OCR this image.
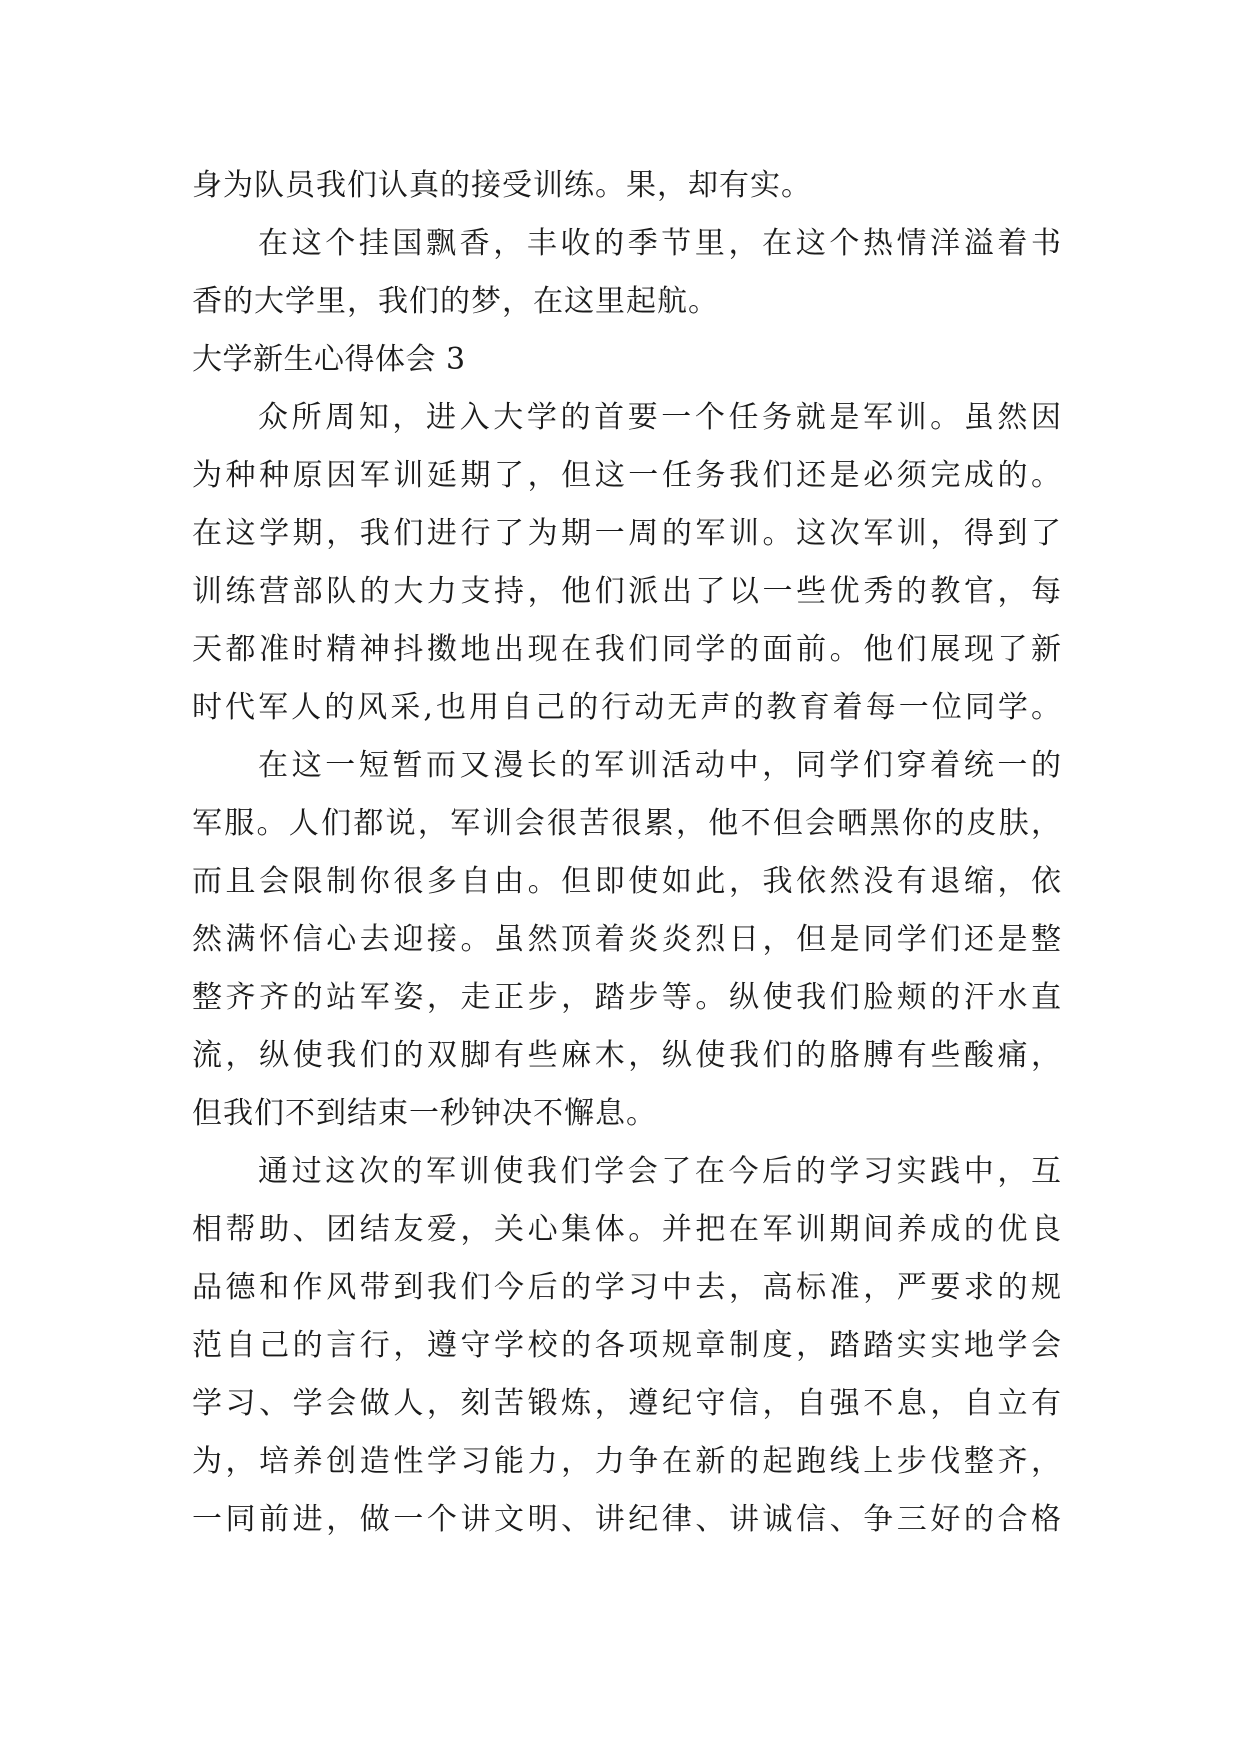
身为队员我们认真的接受训练。果，却有实。
在这个挂国飘香，丰收的季节里，在这个热情洋溢着书
香的大学里，我们的梦，在这里起航。
大学新生心得体会 3
众所周知，进入大学的首要一个任务就是军训。虽然因
为种种原因军训延期了，但这一任务我们还是必须完成的。
在这学期，我们进行了为期一周的军训。这次军训，得到了
训练营部队的大力支持，他们派出了以一些优秀的教官，每
天都准时精神抖擞地出现在我们同学的面前。他们展现了新
时代军人的风采,也用自己的行动无声的教育着每一位同学。
在这一短暂而又漫长的军训活动中，同学们穿着统一的
军服。人们都说，军训会很苦很累，他不但会晒黑你的皮肤，
而且会限制你很多自由。但即使如此，我依然没有退缩，依
然满怀信心去迎接。虽然顶着炎炎烈日，但是同学们还是整
整齐齐的站军姿，走正步，踏步等。纵使我们脸颊的汗水直
流，纵使我们的双脚有些麻木，纵使我们的胳膊有些酸痛，
但我们不到结束一秒钟决不懈息。
通过这次的军训使我们学会了在今后的学习实践中，互
相帮助、团结友爱，关心集体。并把在军训期间养成的优良
品德和作风带到我们今后的学习中去，高标准，严要求的规
范自己的言行，遵守学校的各项规章制度，踏踏实实地学会
学习、学会做人，刻苦锻炼，遵纪守信，自强不息，自立有
为，培养创造性学习能力，力争在新的起跑线上步伐整齐，
一同前进，做一个讲文明、讲纪律、讲诚信、争三好的合格
